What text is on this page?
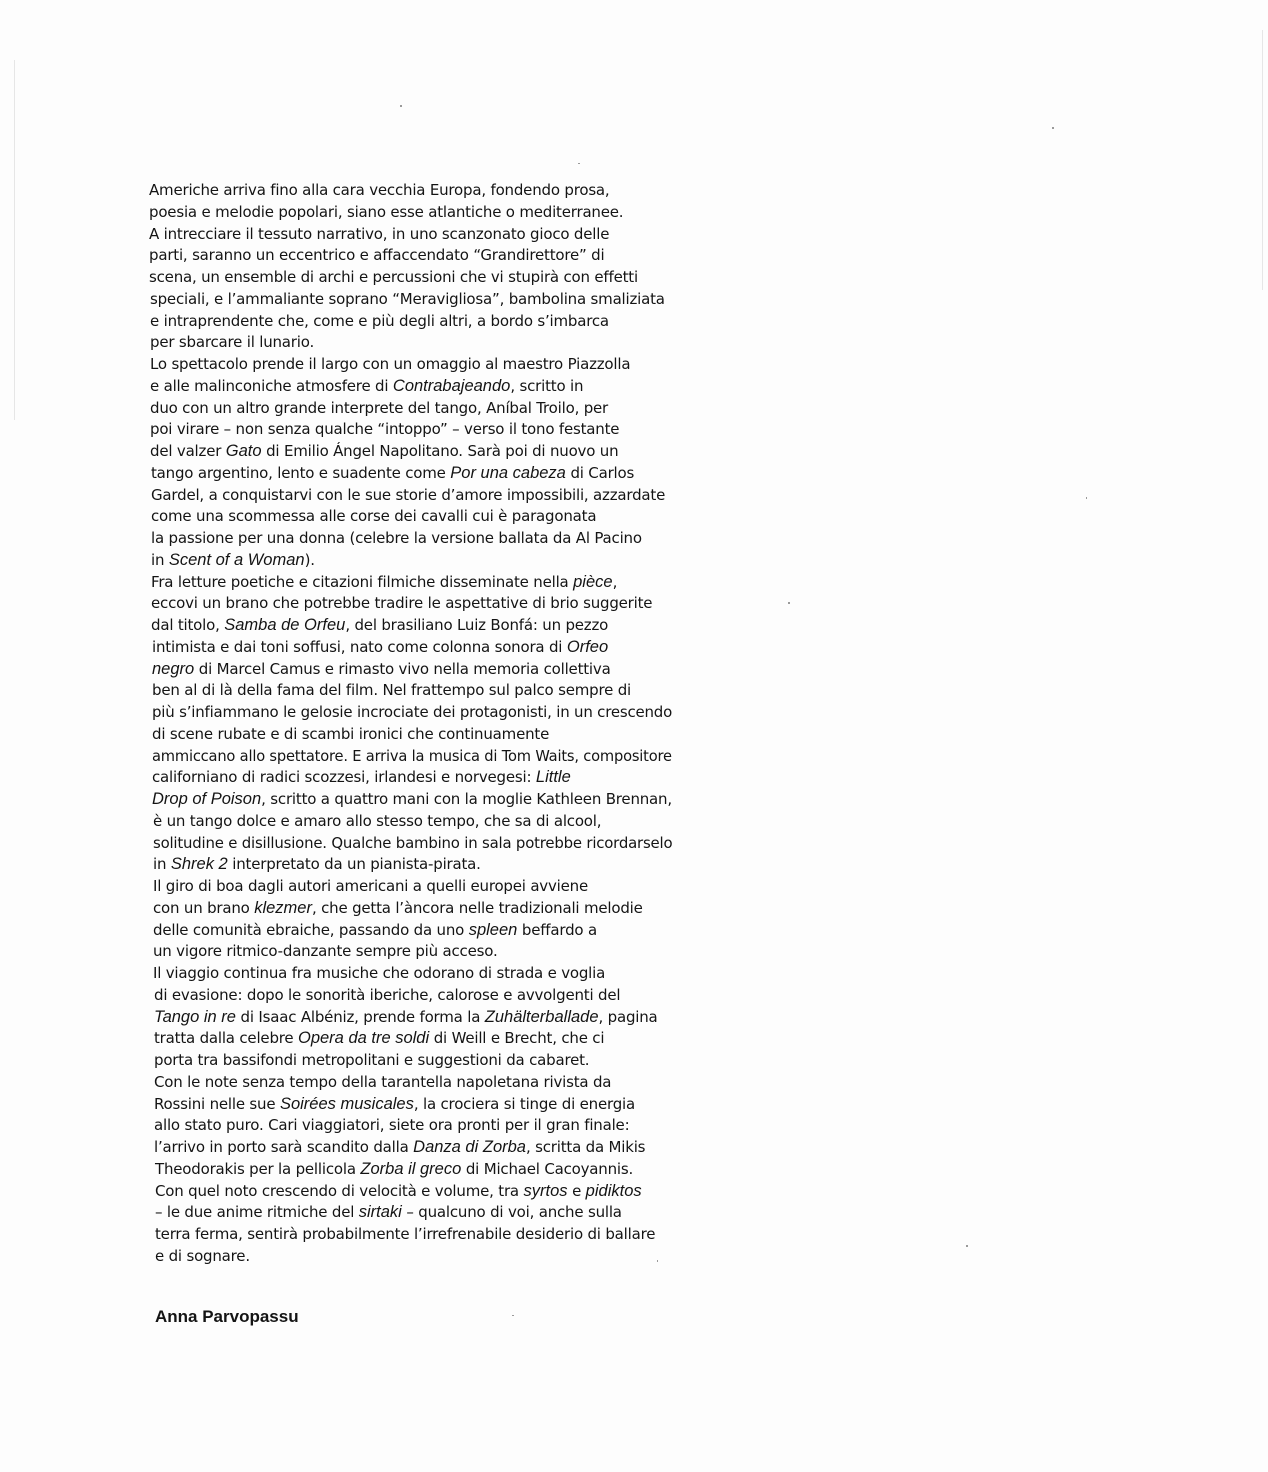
Americhe arriva fino alla cara vecchia Europa, fondendo prosa,
poesia e melodie popolari, siano esse atlantiche o mediterranee.
A intrecciare il tessuto narrativo, in uno scanzonato gioco delle
parti, saranno un eccentrico e affaccendato “Grandirettore” di
scena, un ensemble di archi e percussioni che vi stupirà con effetti
speciali, e l’ammaliante soprano “Meravigliosa”, bambolina smaliziata
e intraprendente che, come e più degli altri, a bordo s’imbarca
per sbarcare il lunario.
Lo spettacolo prende il largo con un omaggio al maestro Piazzolla
e alle malinconiche atmosfere di Contrabajeando, scritto in
duo con un altro grande interprete del tango, Aníbal Troilo, per
poi virare – non senza qualche “intoppo” – verso il tono festante
del valzer Gato di Emilio Ángel Napolitano. Sarà poi di nuovo un
tango argentino, lento e suadente come Por una cabeza di Carlos
Gardel, a conquistarvi con le sue storie d’amore impossibili, azzardate
come una scommessa alle corse dei cavalli cui è paragonata
la passione per una donna (celebre la versione ballata da Al Pacino
in Scent of a Woman).
Fra letture poetiche e citazioni filmiche disseminate nella pièce,
eccovi un brano che potrebbe tradire le aspettative di brio suggerite
dal titolo, Samba de Orfeu, del brasiliano Luiz Bonfá: un pezzo
intimista e dai toni soffusi, nato come colonna sonora di Orfeo
negro di Marcel Camus e rimasto vivo nella memoria collettiva
ben al di là della fama del film. Nel frattempo sul palco sempre di
più s’infiammano le gelosie incrociate dei protagonisti, in un crescendo
di scene rubate e di scambi ironici che continuamente
ammiccano allo spettatore. E arriva la musica di Tom Waits, compositore
californiano di radici scozzesi, irlandesi e norvegesi: Little
Drop of Poison, scritto a quattro mani con la moglie Kathleen Brennan,
è un tango dolce e amaro allo stesso tempo, che sa di alcool,
solitudine e disillusione. Qualche bambino in sala potrebbe ricordarselo
in Shrek 2 interpretato da un pianista-pirata.
Il giro di boa dagli autori americani a quelli europei avviene
con un brano klezmer, che getta l’àncora nelle tradizionali melodie
delle comunità ebraiche, passando da uno spleen beffardo a
un vigore ritmico-danzante sempre più acceso.
Il viaggio continua fra musiche che odorano di strada e voglia
di evasione: dopo le sonorità iberiche, calorose e avvolgenti del
Tango in re di Isaac Albéniz, prende forma la Zuhälterballade, pagina
tratta dalla celebre Opera da tre soldi di Weill e Brecht, che ci
porta tra bassifondi metropolitani e suggestioni da cabaret.
Con le note senza tempo della tarantella napoletana rivista da
Rossini nelle sue Soirées musicales, la crociera si tinge di energia
allo stato puro. Cari viaggiatori, siete ora pronti per il gran finale:
l’arrivo in porto sarà scandito dalla Danza di Zorba, scritta da Mikis
Theodorakis per la pellicola Zorba il greco di Michael Cacoyannis.
Con quel noto crescendo di velocità e volume, tra syrtos e pidiktos
– le due anime ritmiche del sirtaki – qualcuno di voi, anche sulla
terra ferma, sentirà probabilmente l’irrefrenabile desiderio di ballare
e di sognare.
Anna Parvopassu
